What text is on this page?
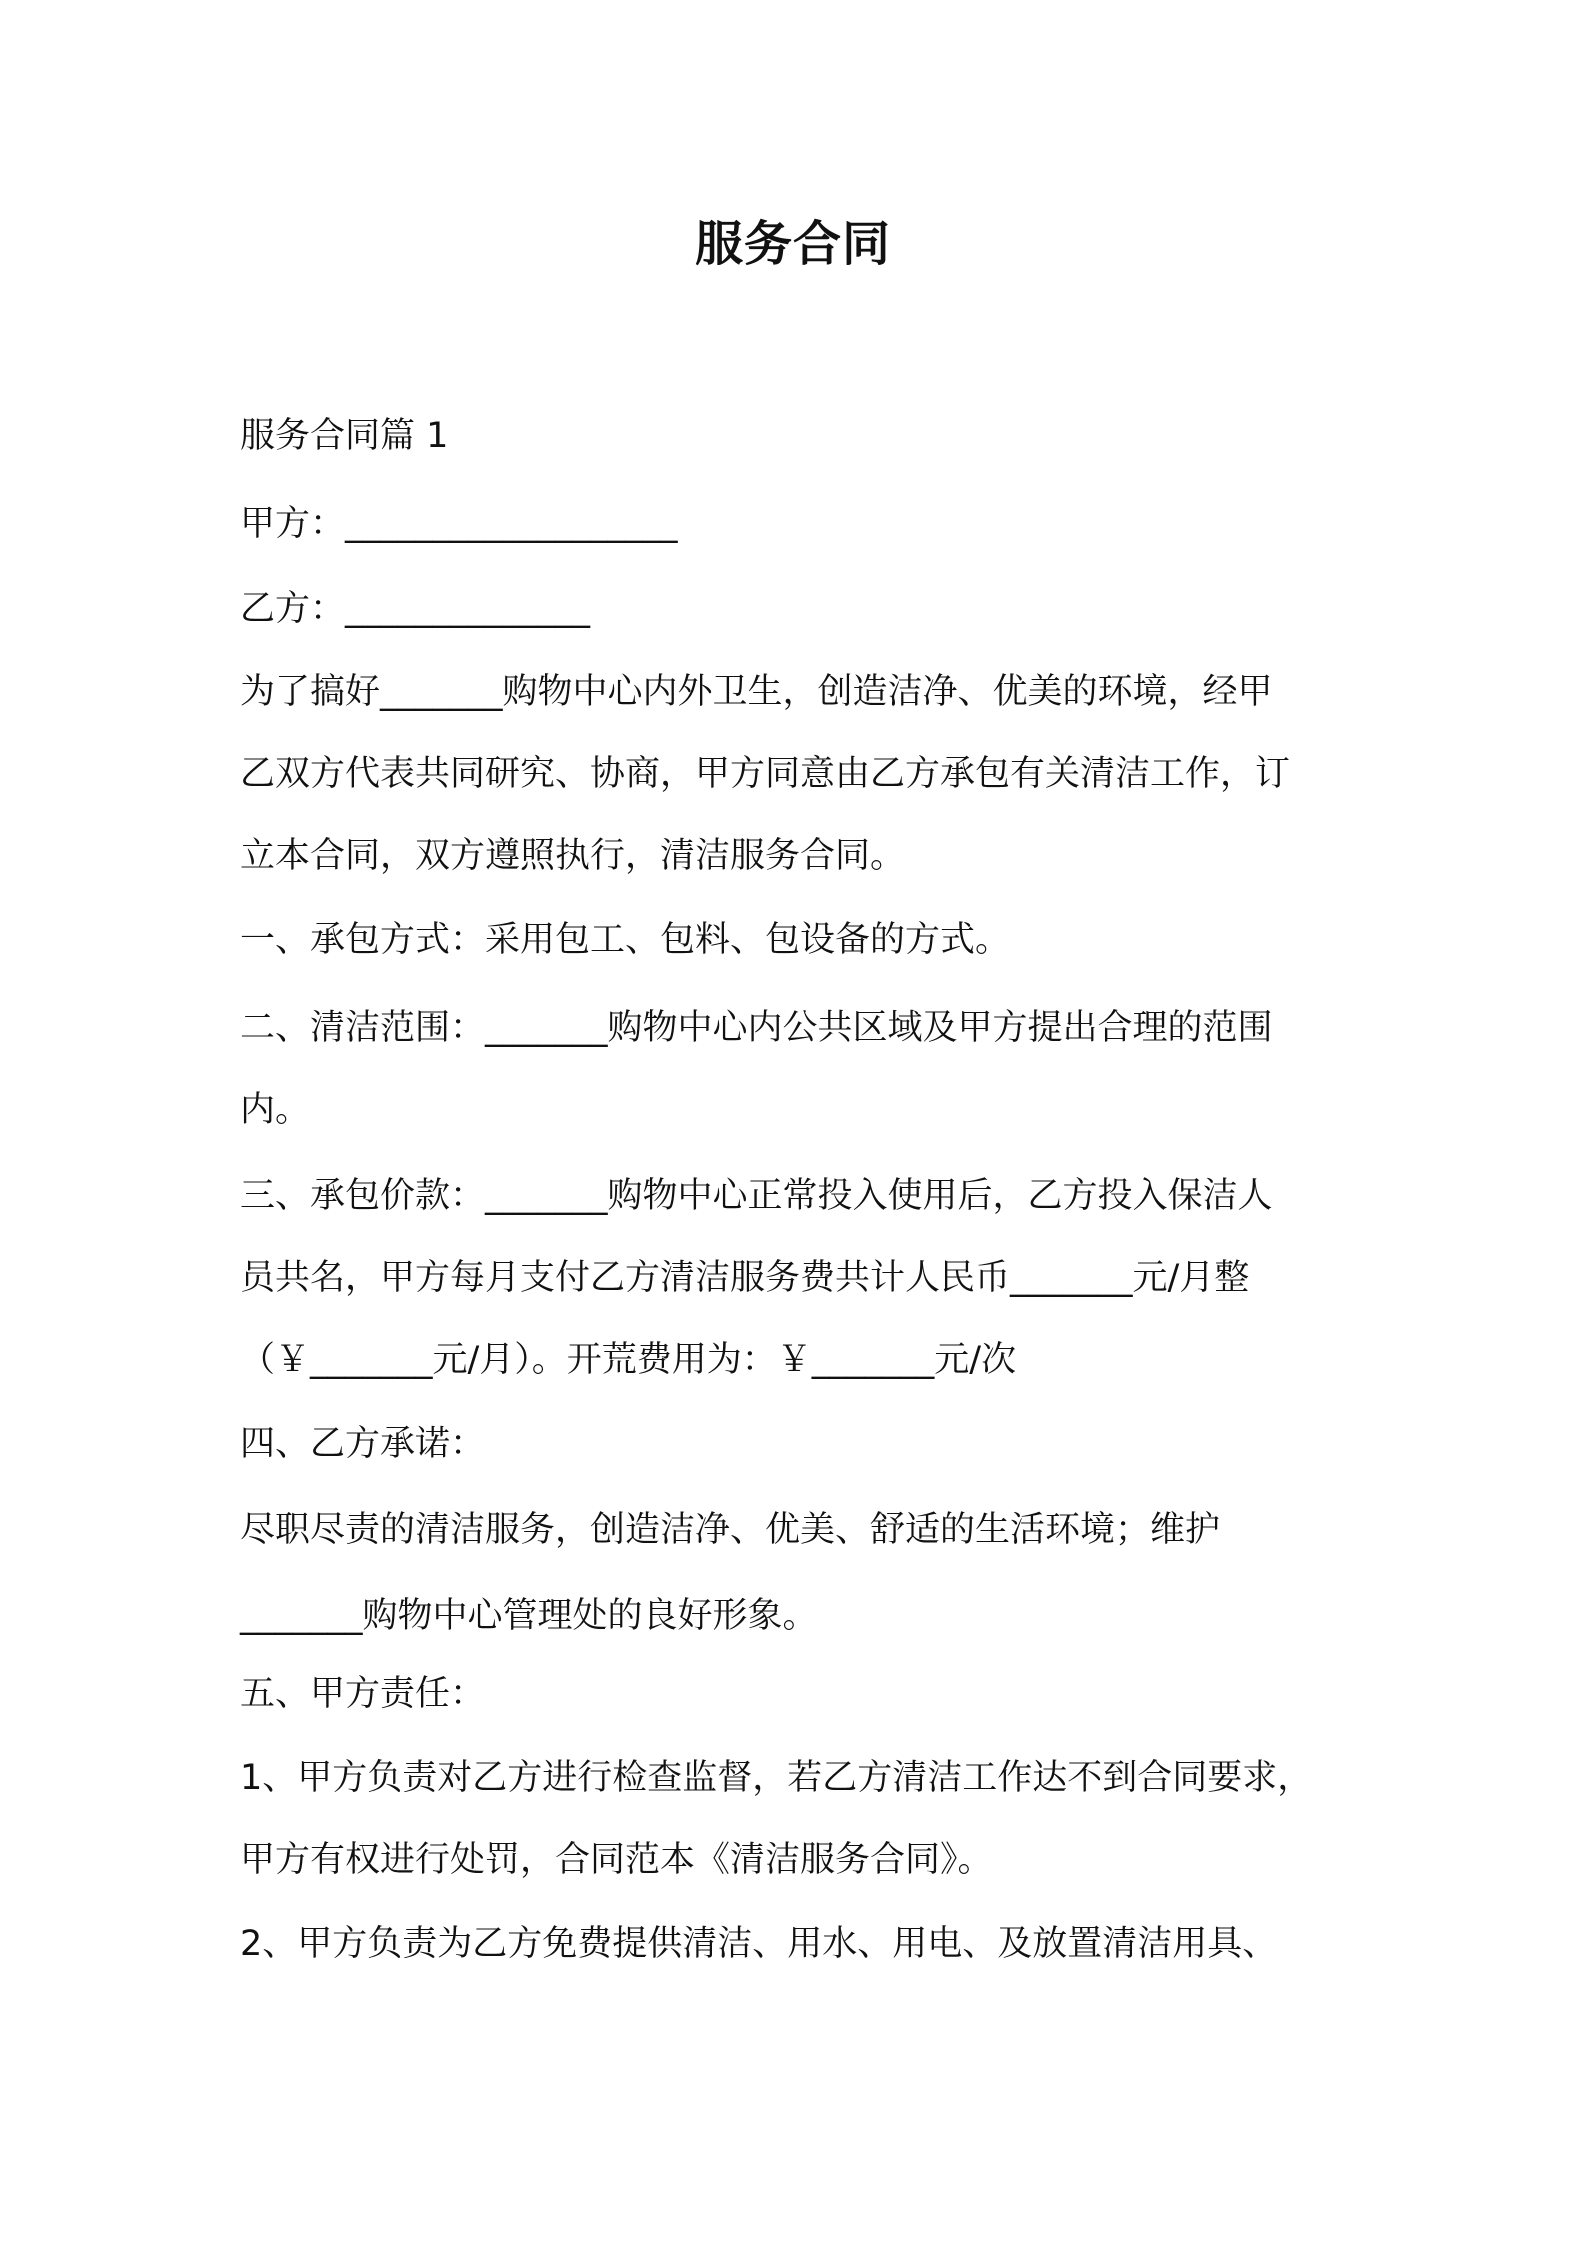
服务合同
服务合同篇 1
甲方：___________________
乙方：______________
为了搞好_______购物中心内外卫生，创造洁净、优美的环境，经甲
乙双方代表共同研究、协商，甲方同意由乙方承包有关清洁工作，订
立本合同，双方遵照执行，清洁服务合同。
一、承包方式：采用包工、包料、包设备的方式。
二、清洁范围：_______购物中心内公共区域及甲方提出合理的范围
内。
三、承包价款：_______购物中心正常投入使用后，乙方投入保洁人
员共名，甲方每月支付乙方清洁服务费共计人民币_______元/月整
（￥_______元/月）。开荒费用为：￥_______元/次
四、乙方承诺：
尽职尽责的清洁服务，创造洁净、优美、舒适的生活环境；维护
_______购物中心管理处的良好形象。
五、甲方责任：
1、甲方负责对乙方进行检查监督，若乙方清洁工作达不到合同要求，
甲方有权进行处罚，合同范本《清洁服务合同》。
2、甲方负责为乙方免费提供清洁、用水、用电、及放置清洁用具、
